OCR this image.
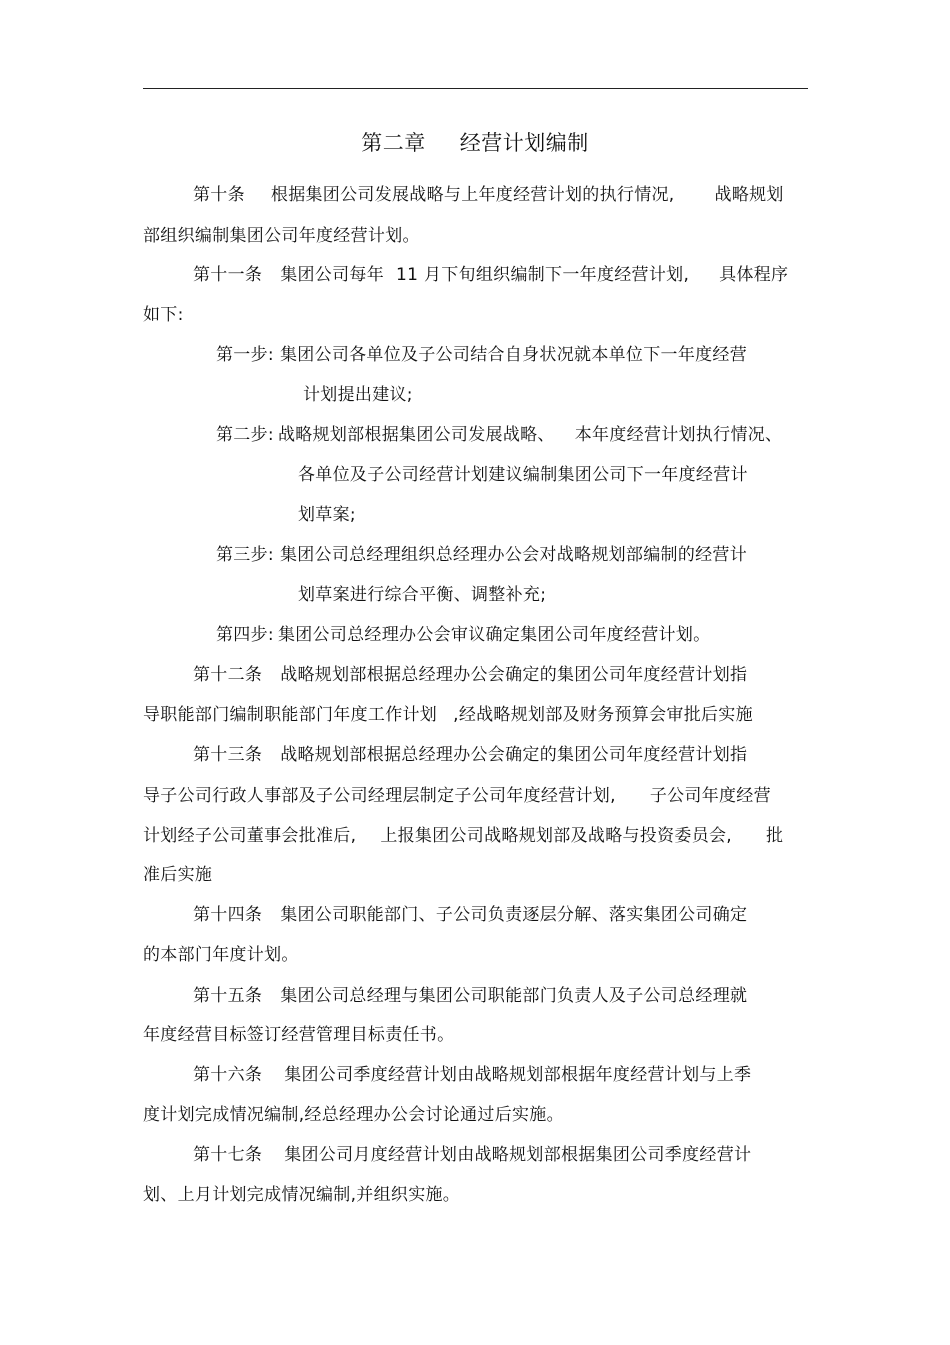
第二章 经营计划编制
第十条 根据集团公司发展战略与上年度经营计划的执行情况, 战略规划
部组织编制集团公司年度经营计划。
第十一条 集团公司每年 11 月下旬组织编制下一年度经营计划, 具体程序
如下:
第一步: 集团公司各单位及子公司结合自身状况就本单位下一年度经营
计划提出建议;
第二步: 战略规划部根据集团公司发展战略、 本年度经营计划执行情况、
各单位及子公司经营计划建议编制集团公司下一年度经营计
划草案;
第三步: 集团公司总经理组织总经理办公会对战略规划部编制的经营计
划草案进行综合平衡、调整补充;
第四步: 集团公司总经理办公会审议确定集团公司年度经营计划。
第十二条 战略规划部根据总经理办公会确定的集团公司年度经营计划指
导职能部门编制职能部门年度工作计划 ,经战略规划部及财务预算会审批后实施
第十三条 战略规划部根据总经理办公会确定的集团公司年度经营计划指
导子公司行政人事部及子公司经理层制定子公司年度经营计划, 子公司年度经营
计划经子公司董事会批准后, 上报集团公司战略规划部及战略与投资委员会, 批
准后实施
第十四条 集团公司职能部门、子公司负责逐层分解、落实集团公司确定
的本部门年度计划。
第十五条 集团公司总经理与集团公司职能部门负责人及子公司总经理就
年度经营目标签订经营管理目标责任书。
第十六条 集团公司季度经营计划由战略规划部根据年度经营计划与上季
度计划完成情况编制,经总经理办公会讨论通过后实施。
第十七条 集团公司月度经营计划由战略规划部根据集团公司季度经营计
划、上月计划完成情况编制,并组织实施。
